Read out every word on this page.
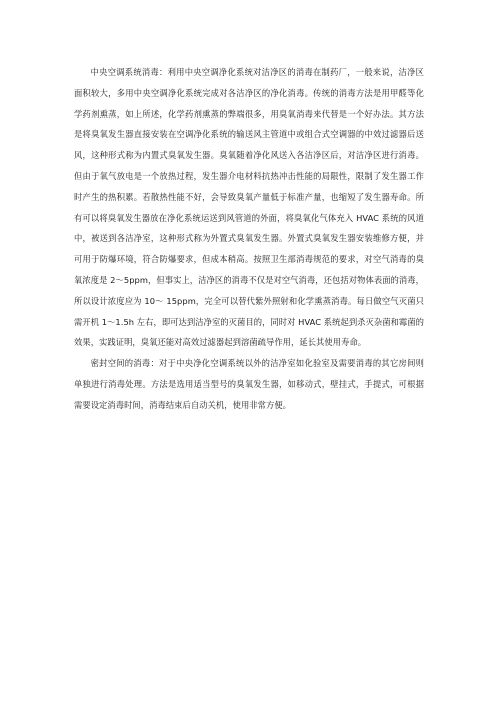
中央空调系统消毒：利用中央空调净化系统对洁净区的消毒在制药厂，一般来说，洁净区面积较大，多用中央空调净化系统完成对各洁净区的净化消毒。传统的消毒方法是用甲醛等化学药剂熏蒸，如上所述，化学药剂熏蒸的弊端很多，用臭氧消毒来代替是一个好办法。其方法是将臭氧发生器直接安装在空调净化系统的输送风主管道中或组合式空调器的中效过滤器后送风，这种形式称为内置式臭氧发生器。臭氧随着净化风送入各洁净区后，对洁净区进行消毒。但由于氧气放电是一个放热过程，发生器介电材料抗热冲击性能的局限性，限制了发生器工作时产生的热积累。若散热性能不好，会导致臭氧产量低于标准产量，也缩短了发生器寿命。所有可以将臭氧发生器放在净化系统运送到风管道的外面，将臭氧化气体充入 HVAC 系统的风道中，被送到各洁净室，这种形式称为外置式臭氧发生器。外置式臭氧发生器安装维修方便，并可用于防爆环境，符合防爆要求，但成本稍高。按照卫生部消毒规范的要求，对空气消毒的臭氧浓度是 2～5ppm，但事实上，洁净区的消毒不仅是对空气消毒，还包括对物体表面的消毒，所以设计浓度应为 10～ 15ppm，完全可以替代紫外照射和化学熏蒸消毒。每日做空气灭菌只需开机 1～1.5h 左右，即可达到洁净室的灭菌目的，同时对 HVAC 系统起到杀灭杂菌和霉菌的效果，实践证明，臭氧还能对高效过滤器起到溶菌疏导作用，延长其使用寿命。

密封空间的消毒：对于中央净化空调系统以外的洁净室如化验室及需要消毒的其它房间则单独进行消毒处理。方法是选用适当型号的臭氧发生器，如移动式，壁挂式，手提式，可根据需要设定消毒时间，消毒结束后自动关机，使用非常方便。
